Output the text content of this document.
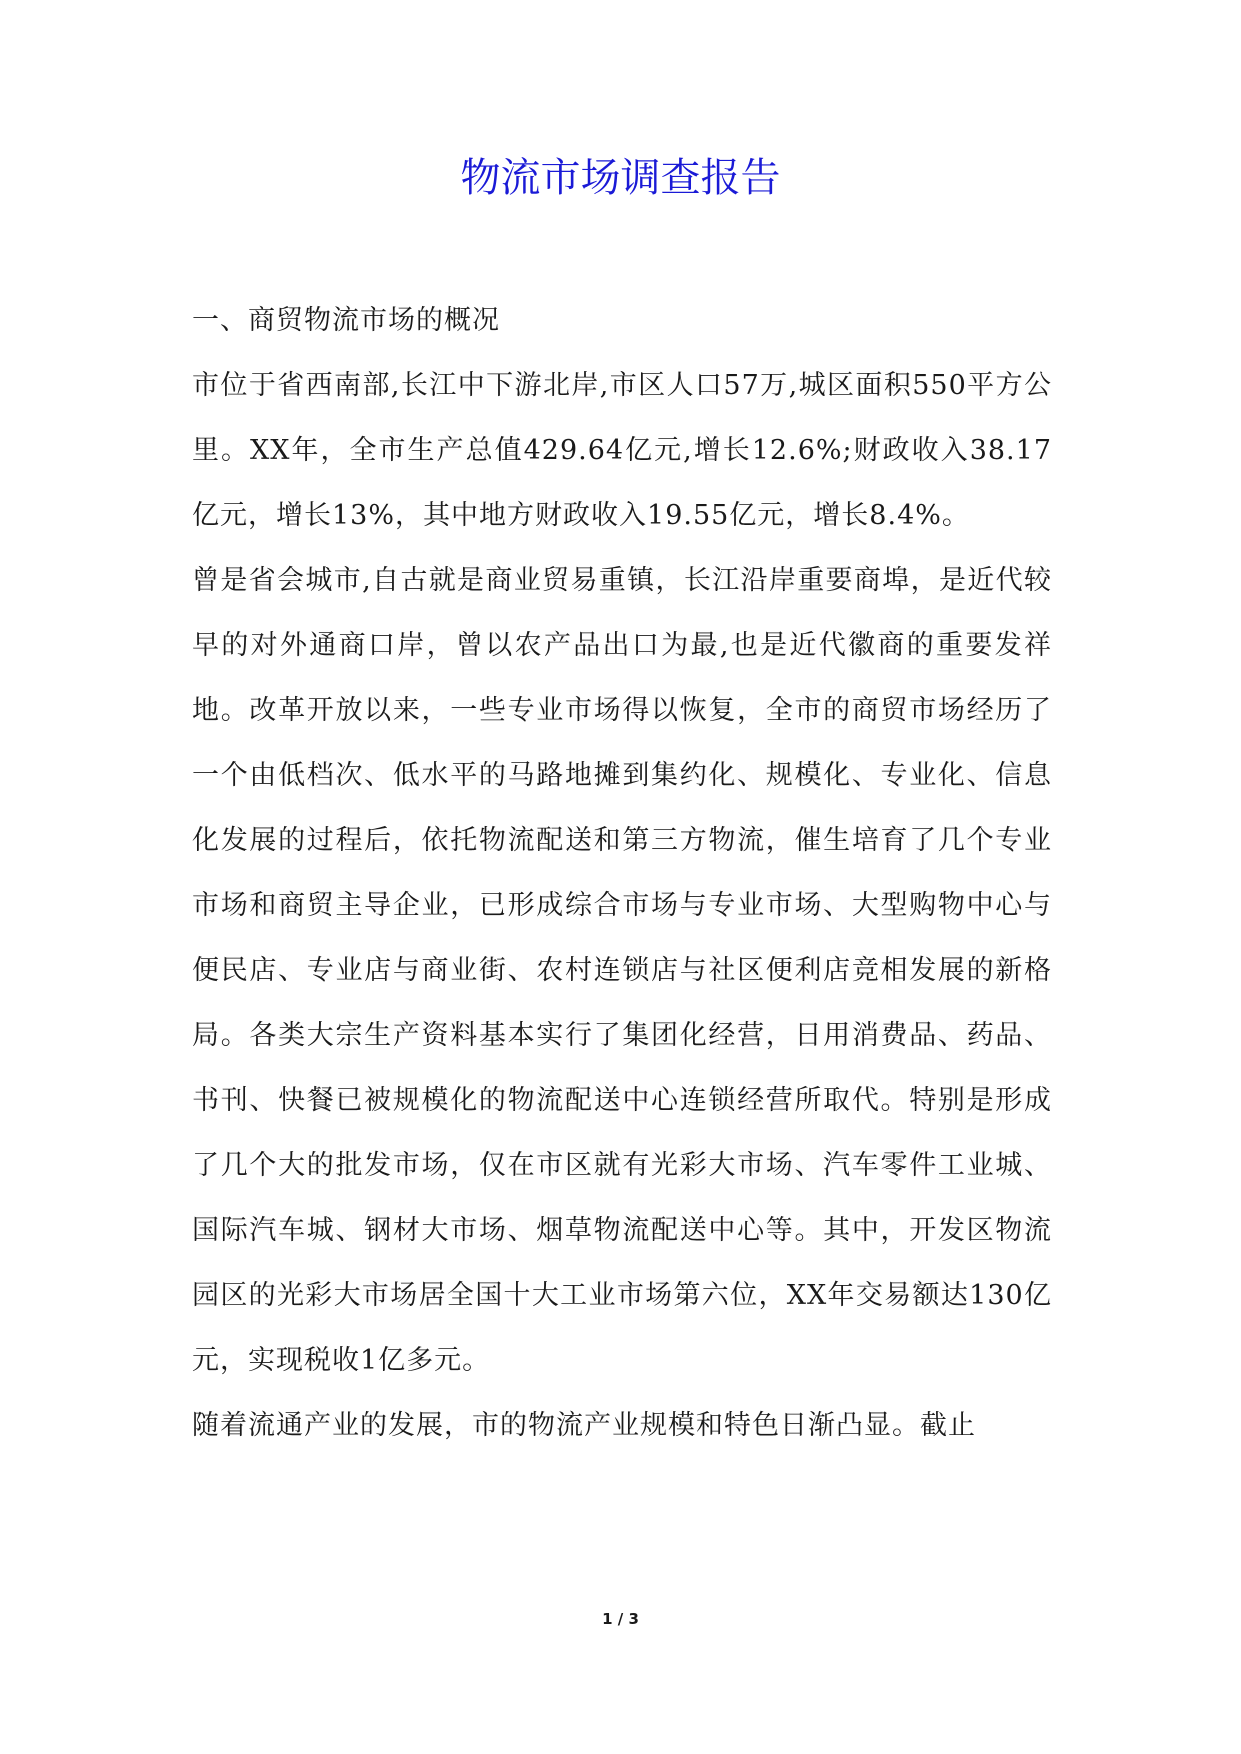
物流市场调查报告

一、商贸物流市场的概况

市位于省西南部,长江中下游北岸,市区人口57万,城区面积550平方公里。XX年，全市生产总值429.64亿元,增长12.6%;财政收入38.17亿元，增长13%，其中地方财政收入19.55亿元，增长8.4%。

曾是省会城市,自古就是商业贸易重镇，长江沿岸重要商埠，是近代较早的对外通商口岸，曾以农产品出口为最,也是近代徽商的重要发祥地。改革开放以来，一些专业市场得以恢复，全市的商贸市场经历了一个由低档次、低水平的马路地摊到集约化、规模化、专业化、信息化发展的过程后，依托物流配送和第三方物流，催生培育了几个专业市场和商贸主导企业，已形成综合市场与专业市场、大型购物中心与便民店、专业店与商业街、农村连锁店与社区便利店竞相发展的新格局。各类大宗生产资料基本实行了集团化经营，日用消费品、药品、书刊、快餐已被规模化的物流配送中心连锁经营所取代。特别是形成了几个大的批发市场，仅在市区就有光彩大市场、汽车零件工业城、国际汽车城、钢材大市场、烟草物流配送中心等。其中，开发区物流园区的光彩大市场居全国十大工业市场第六位，XX年交易额达130亿元，实现税收1亿多元。

随着流通产业的发展，市的物流产业规模和特色日渐凸显。截止

1 / 3
